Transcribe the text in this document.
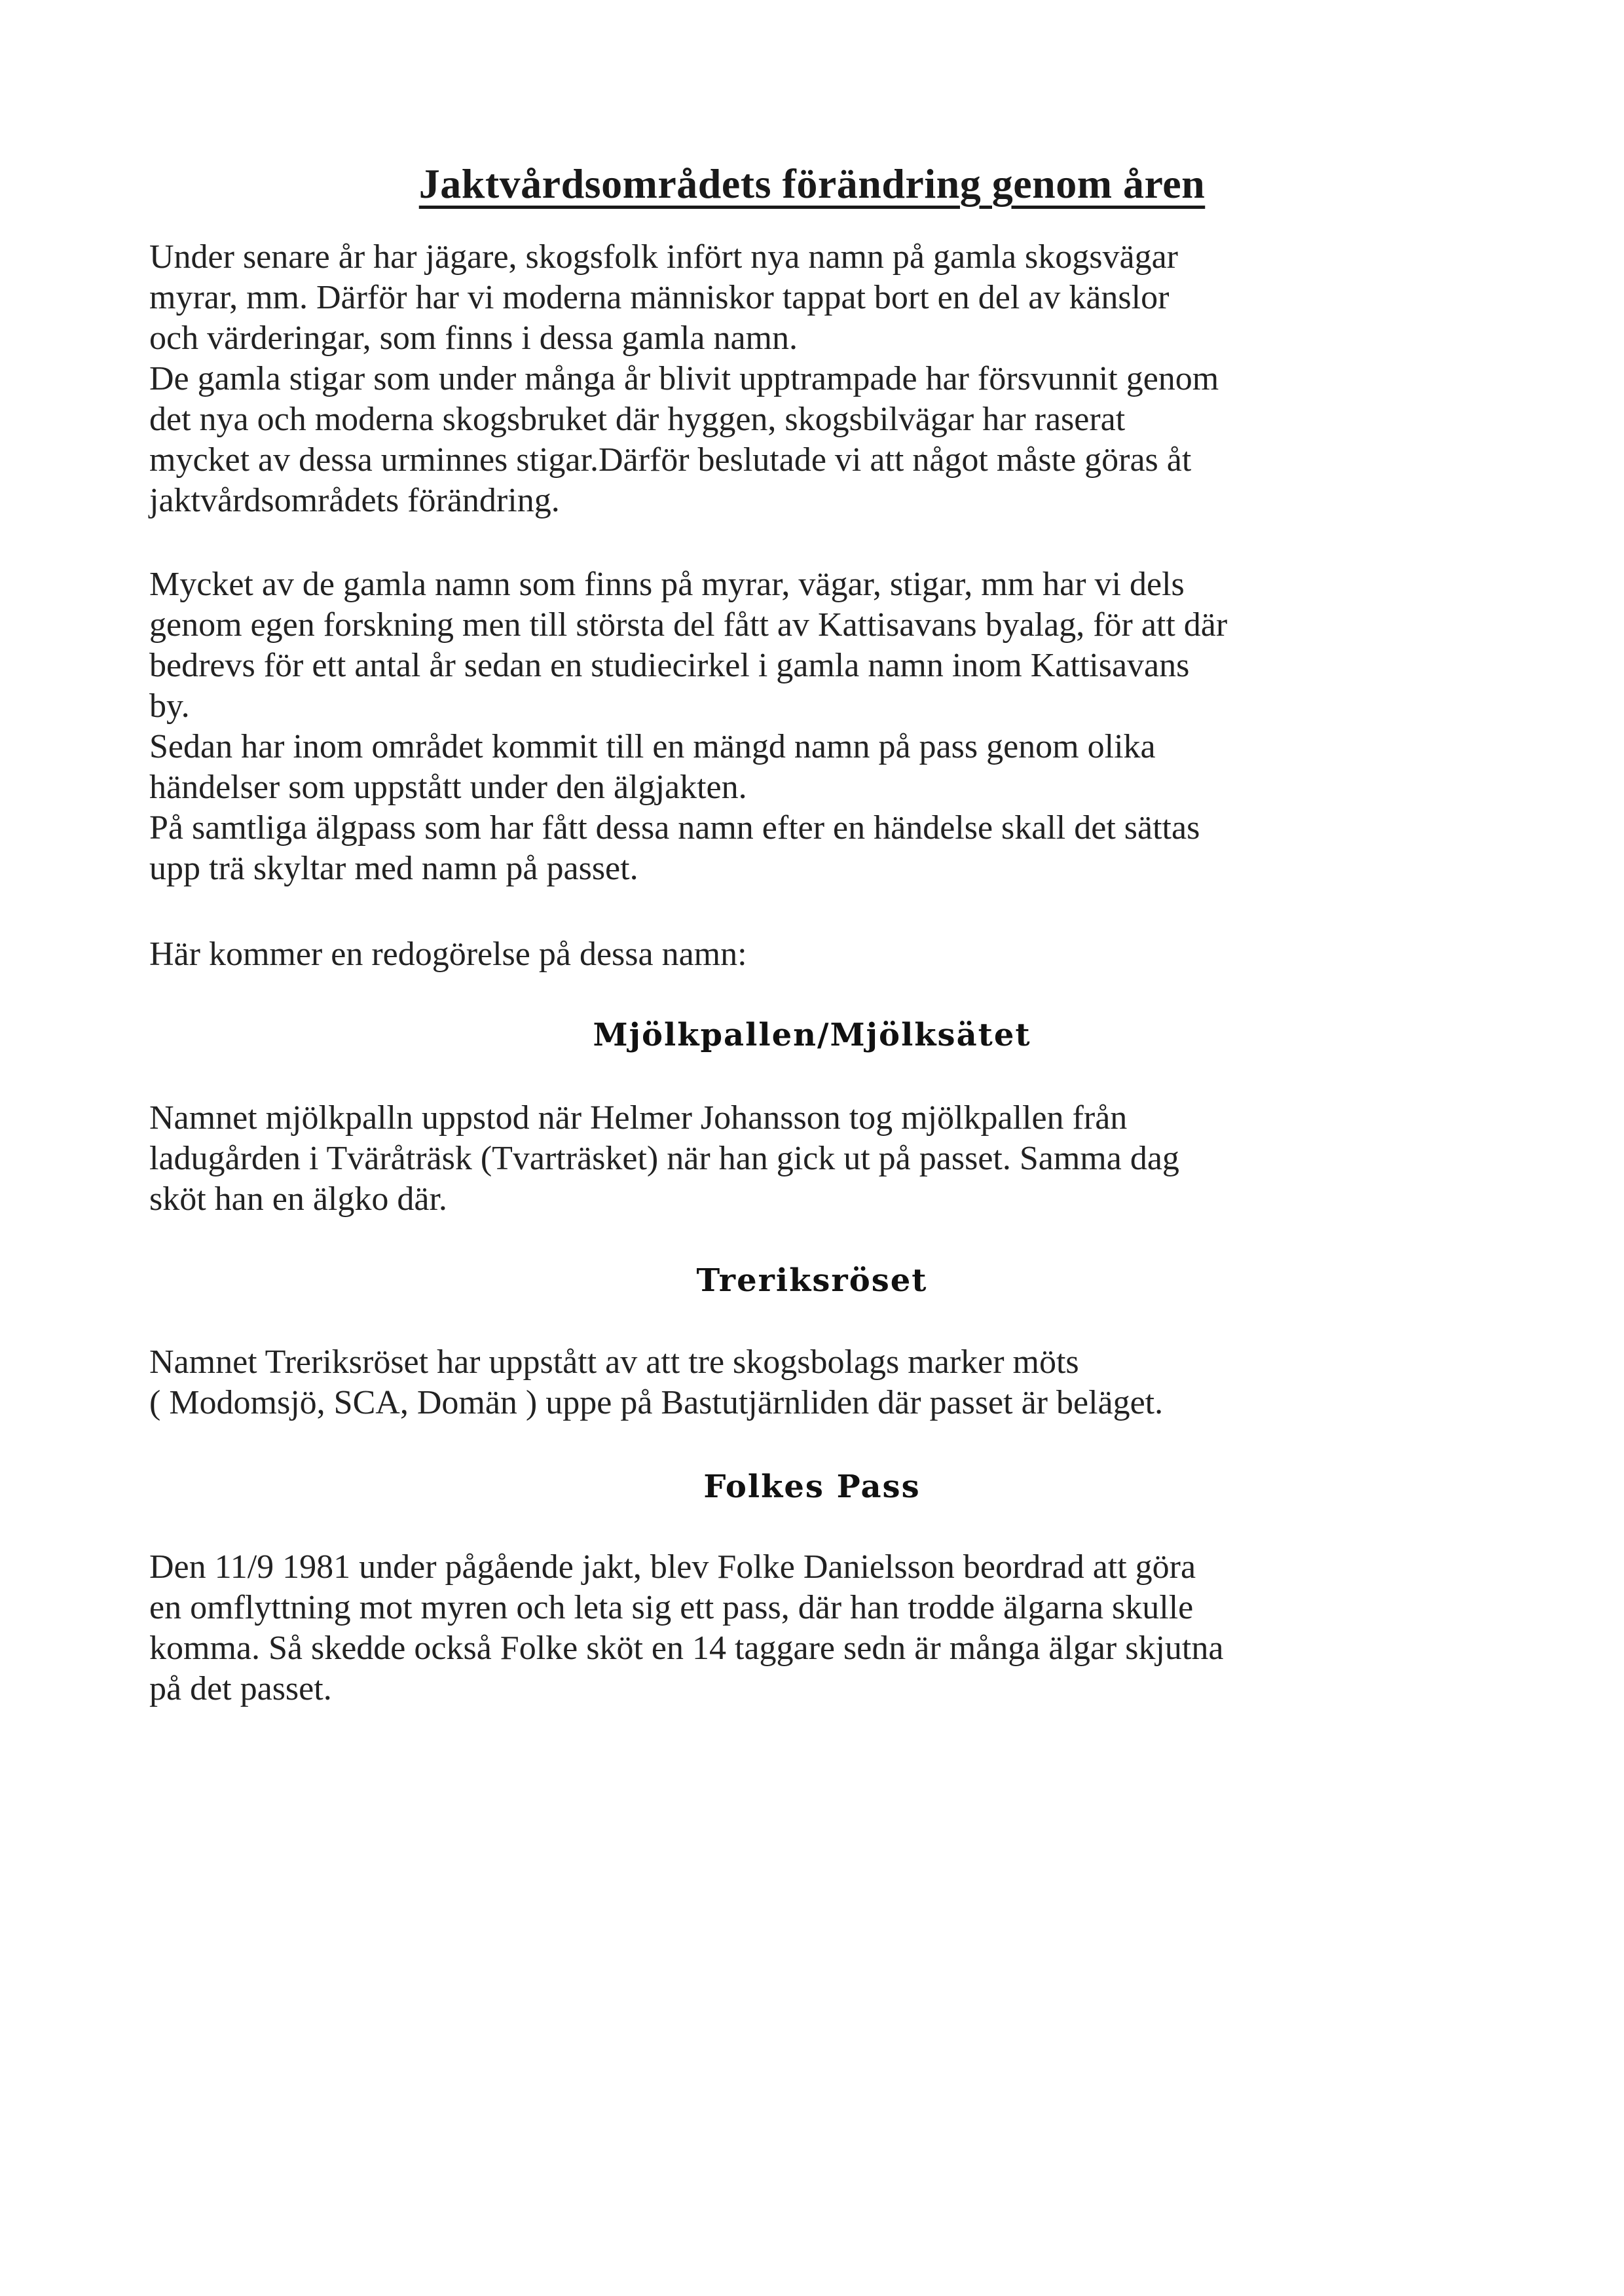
Jaktvårdsområdets förändring genom åren

Under senare år har jägare, skogsfolk infört nya namn på gamla skogsvägar
myrar, mm. Därför har vi moderna människor tappat bort en del av känslor
och värderingar, som finns i dessa gamla namn.
De gamla stigar som under många år blivit upptrampade har försvunnit genom
det nya och moderna skogsbruket där hyggen, skogsbilvägar har raserat
mycket av dessa urminnes stigar.Därför beslutade vi att något måste göras åt
jaktvårdsområdets förändring.

Mycket av de gamla namn som finns på myrar, vägar, stigar, mm har vi dels
genom egen forskning men till största del fått av Kattisavans byalag, för att där
bedrevs för ett antal år sedan en studiecirkel i gamla namn inom Kattisavans
by.
Sedan har inom området kommit till en mängd namn på pass genom olika
händelser som uppstått under den älgjakten.
På samtliga älgpass som har fått dessa namn efter en händelse skall det sättas
upp trä skyltar med namn på passet.

Här kommer en redogörelse på dessa namn:

Mjölkpallen/Mjölksätet

Namnet mjölkpalln uppstod när Helmer Johansson tog mjölkpallen från
ladugården i Tväråträsk (Tvarträsket) när han gick ut på passet. Samma dag
sköt han en älgko där.

Treriksröset

Namnet Treriksröset har uppstått av att tre skogsbolags marker möts
( Modomsjö, SCA, Domän ) uppe på Bastutjärnliden där passet är beläget.

Folkes Pass

Den 11/9 1981 under pågående jakt, blev Folke Danielsson beordrad att göra
en omflyttning mot myren och leta sig ett pass, där han trodde älgarna skulle
komma. Så skedde också Folke sköt en 14 taggare sedn är många älgar skjutna
på det passet.
